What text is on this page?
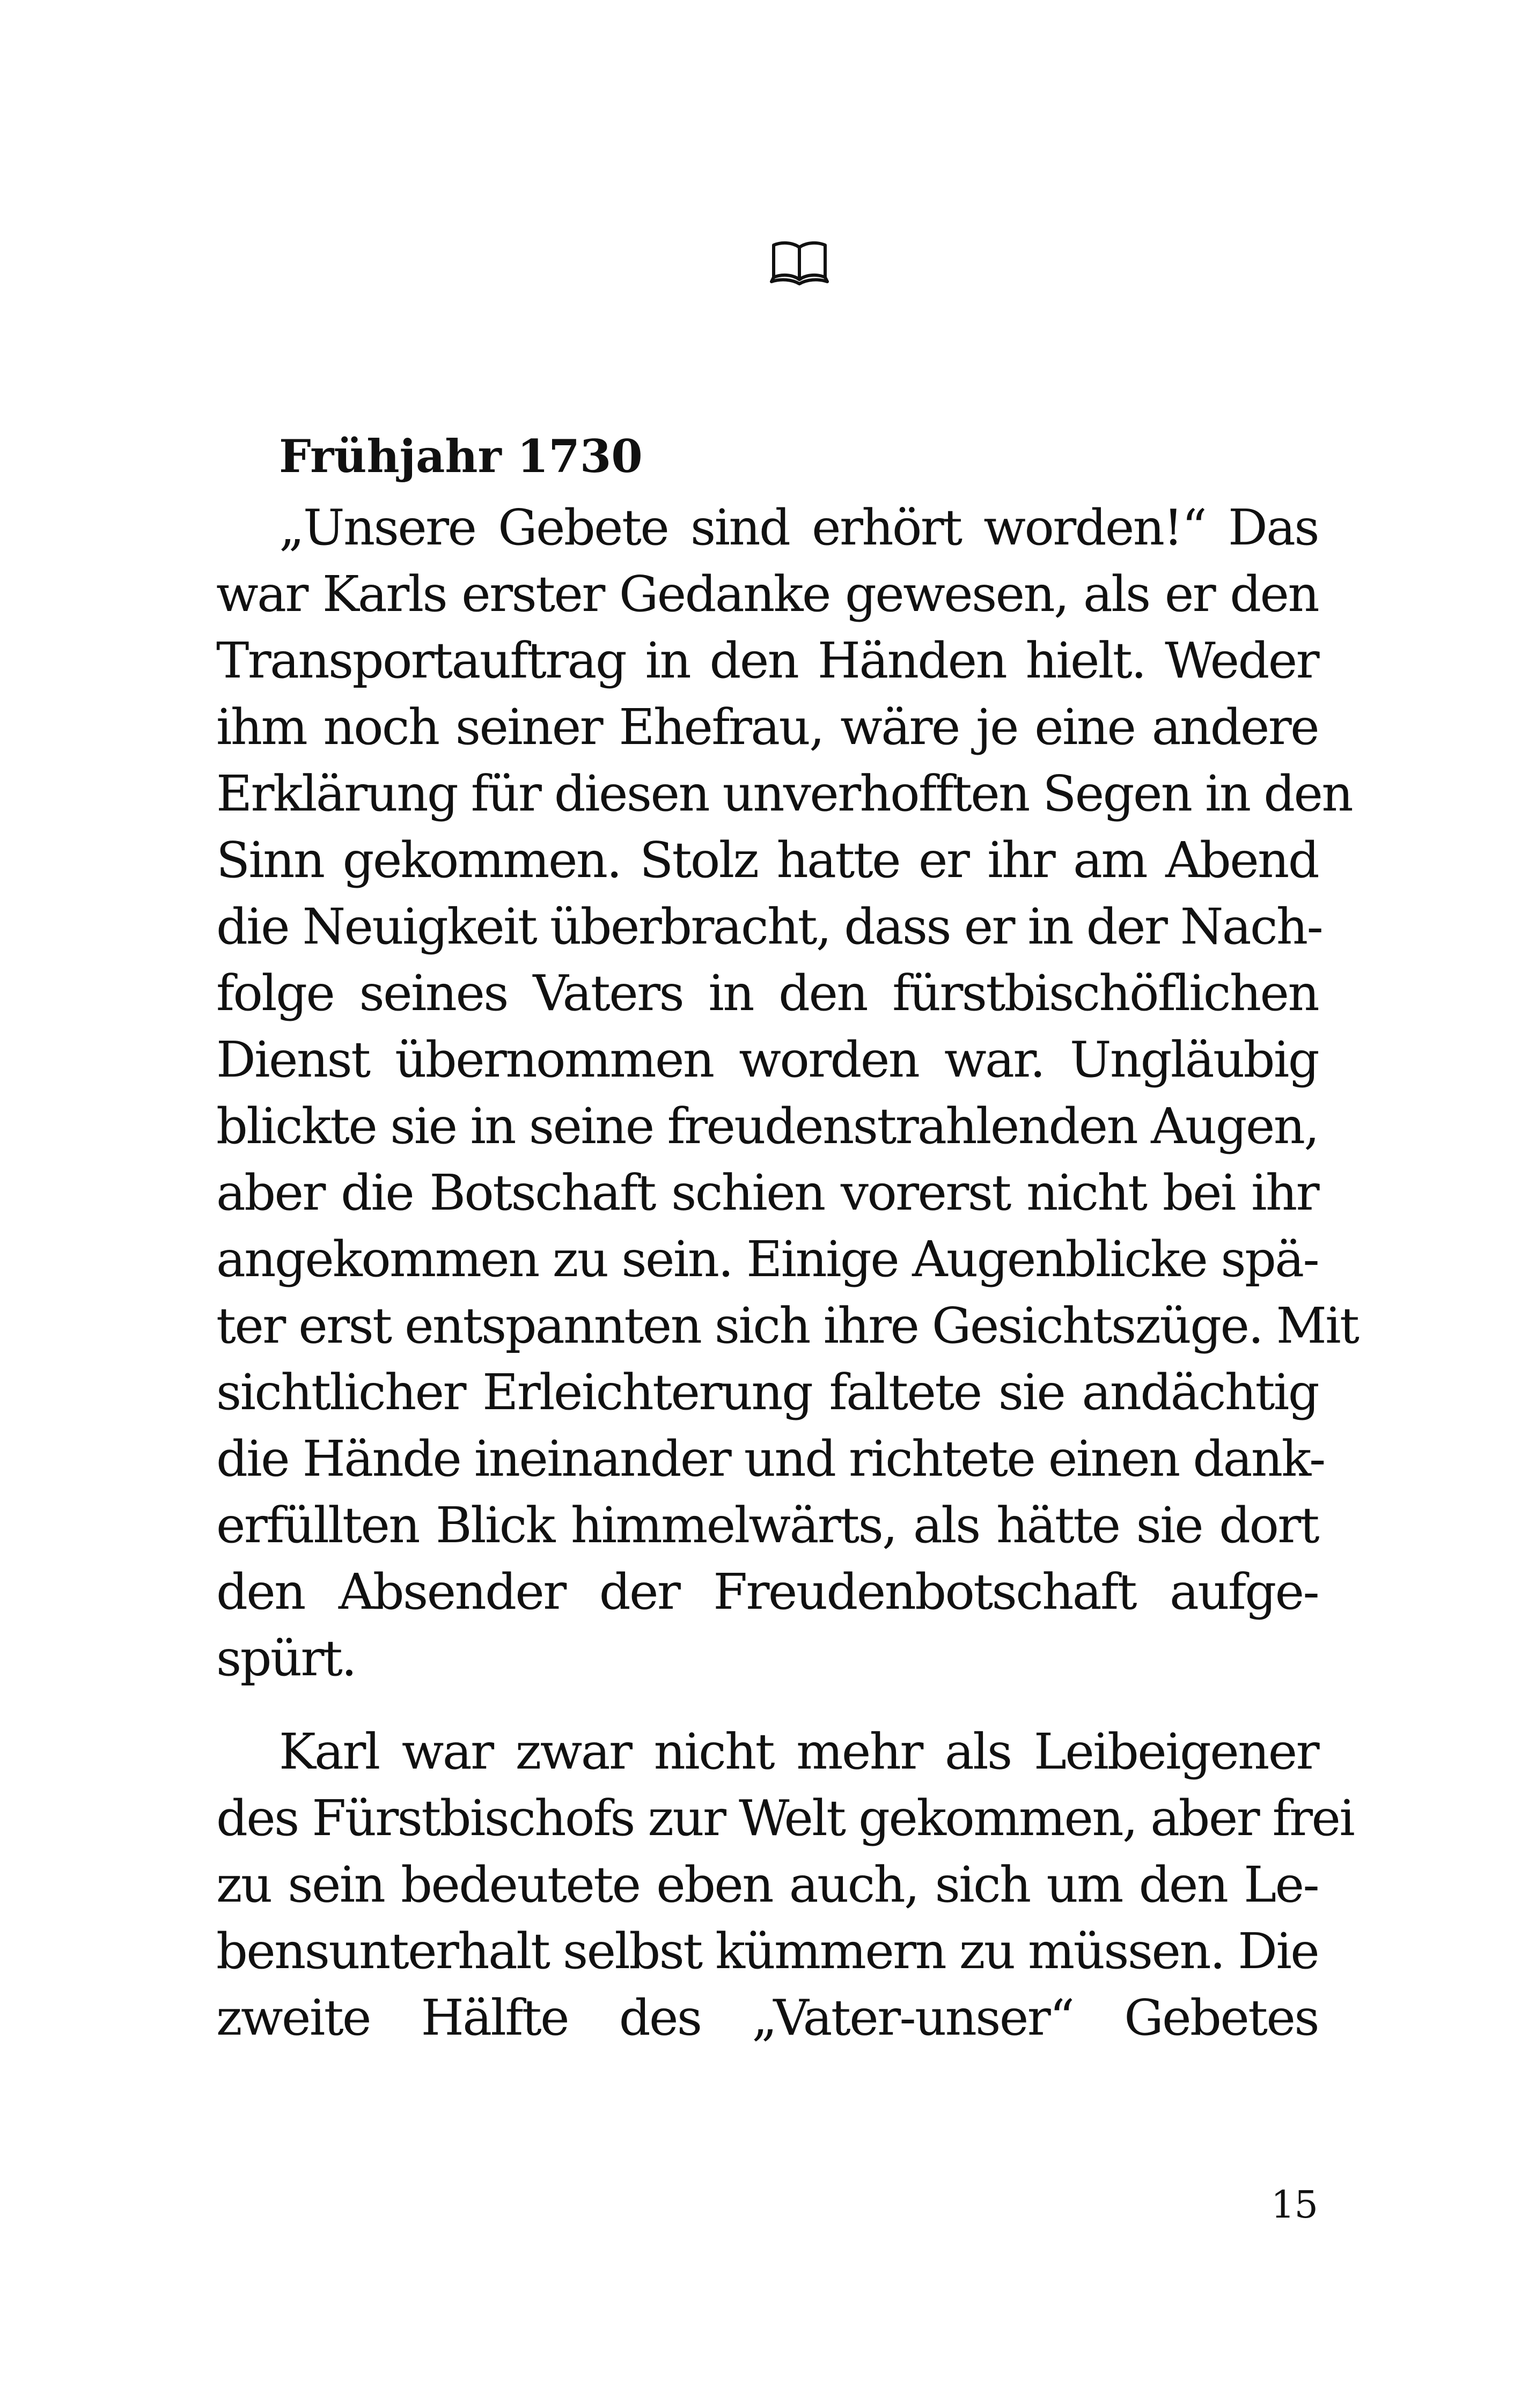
Frühjahr 1730

„Unsere Gebete sind erhört worden!“ Das
war Karls erster Gedanke gewesen, als er den
Transportauftrag in den Händen hielt. Weder
ihm noch seiner Ehefrau, wäre je eine andere
Erklärung für diesen unverhofften Segen in den
Sinn gekommen. Stolz hatte er ihr am Abend
die Neuigkeit überbracht, dass er in der Nach-
folge seines Vaters in den fürstbischöflichen
Dienst übernommen worden war. Ungläubig
blickte sie in seine freudenstrahlenden Augen,
aber die Botschaft schien vorerst nicht bei ihr
angekommen zu sein. Einige Augenblicke spä-
ter erst entspannten sich ihre Gesichtszüge. Mit
sichtlicher Erleichterung faltete sie andächtig
die Hände ineinander und richtete einen dank-
erfüllten Blick himmelwärts, als hätte sie dort
den Absender der Freudenbotschaft aufge-
spürt.

Karl war zwar nicht mehr als Leibeigener
des Fürstbischofs zur Welt gekommen, aber frei
zu sein bedeutete eben auch, sich um den Le-
bensunterhalt selbst kümmern zu müssen. Die
zweite Hälfte des „Vater-unser“ Gebetes

15
